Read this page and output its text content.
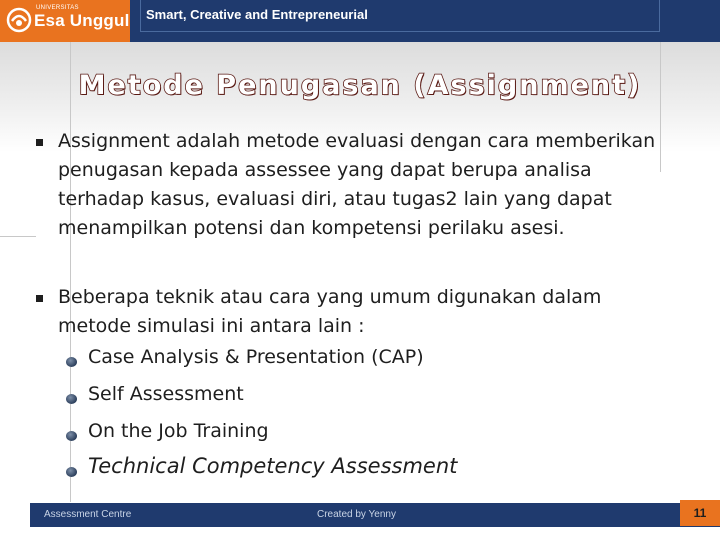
UNIVERSITAS
Esa Unggul Smart, Creative and Entrepreneurial
Metode Penugasan (Assignment)
Assignment adalah metode evaluasi dengan cara memberikan penugasan kepada assessee yang dapat berupa analisa terhadap kasus, evaluasi diri, atau tugas2 lain yang dapat menampilkan potensi dan kompetensi perilaku asesi.
Beberapa teknik atau cara yang umum digunakan dalam metode simulasi ini antara lain :
Case Analysis & Presentation (CAP)
Self Assessment
On the Job Training
Technical Competency Assessment
Assessment Centre	Created by Yenny	11
